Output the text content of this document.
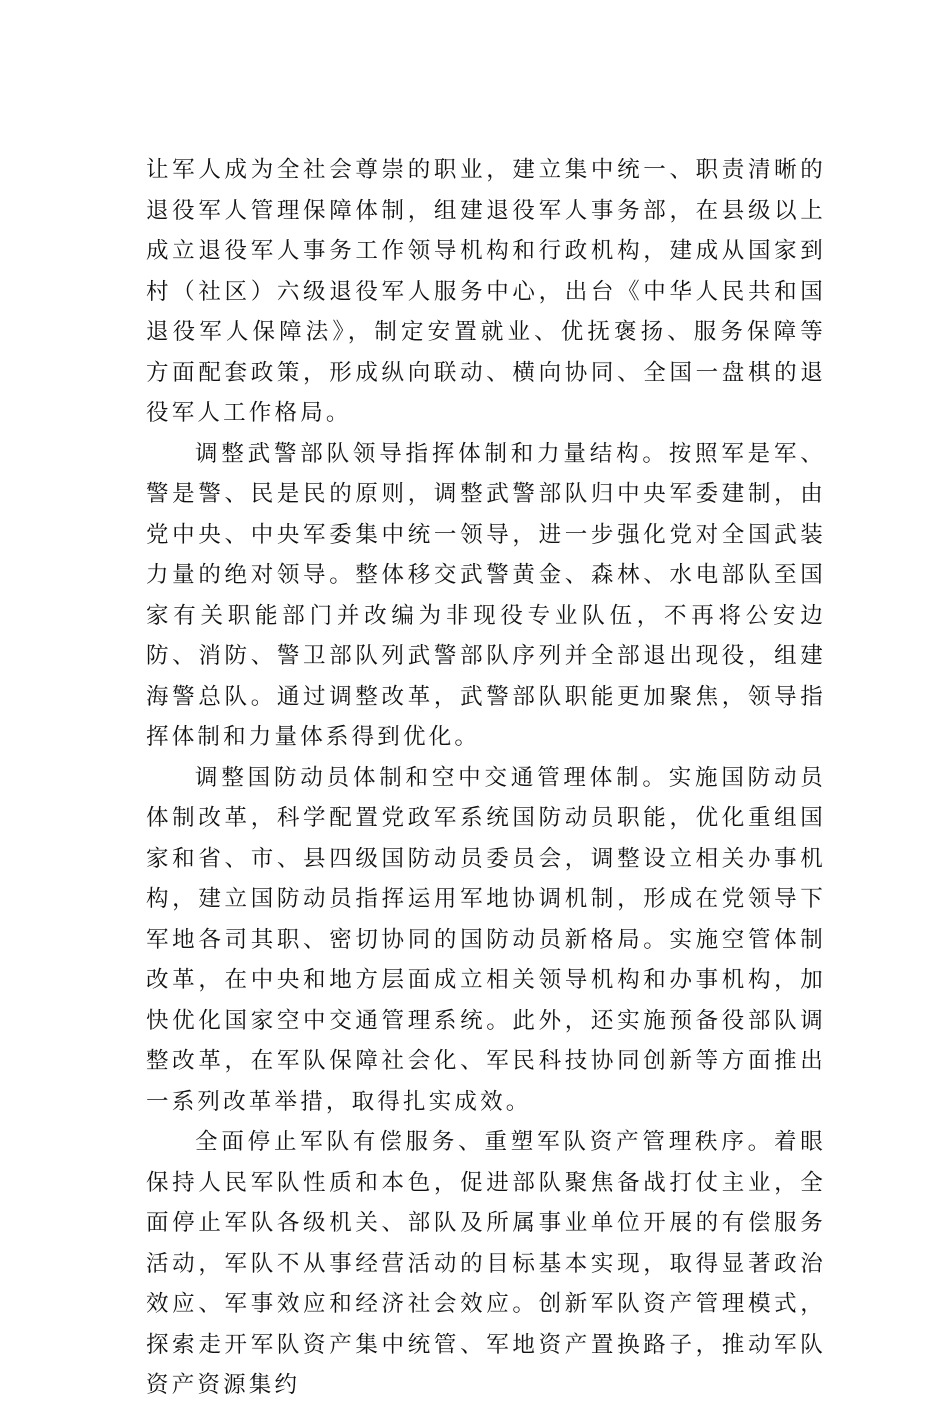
让军人成为全社会尊崇的职业，建立集中统一、职责清晰的退役军人管理保障体制，组建退役军人事务部，在县级以上成立退役军人事务工作领导机构和行政机构，建成从国家到村（社区）六级退役军人服务中心，出台《中华人民共和国退役军人保障法》，制定安置就业、优抚褒扬、服务保障等方面配套政策，形成纵向联动、横向协同、全国一盘棋的退役军人工作格局。

调整武警部队领导指挥体制和力量结构。按照军是军、警是警、民是民的原则，调整武警部队归中央军委建制，由党中央、中央军委集中统一领导，进一步强化党对全国武装力量的绝对领导。整体移交武警黄金、森林、水电部队至国家有关职能部门并改编为非现役专业队伍，不再将公安边防、消防、警卫部队列武警部队序列并全部退出现役，组建海警总队。通过调整改革，武警部队职能更加聚焦，领导指挥体制和力量体系得到优化。

调整国防动员体制和空中交通管理体制。实施国防动员体制改革，科学配置党政军系统国防动员职能，优化重组国家和省、市、县四级国防动员委员会，调整设立相关办事机构，建立国防动员指挥运用军地协调机制，形成在党领导下军地各司其职、密切协同的国防动员新格局。实施空管体制改革，在中央和地方层面成立相关领导机构和办事机构，加快优化国家空中交通管理系统。此外，还实施预备役部队调整改革，在军队保障社会化、军民科技协同创新等方面推出一系列改革举措，取得扎实成效。

全面停止军队有偿服务、重塑军队资产管理秩序。着眼保持人民军队性质和本色，促进部队聚焦备战打仗主业，全面停止军队各级机关、部队及所属事业单位开展的有偿服务活动，军队不从事经营活动的目标基本实现，取得显著政治效应、军事效应和经济社会效应。创新军队资产管理模式，探索走开军队资产集中统管、军地资产置换路子，推动军队资产资源集约
